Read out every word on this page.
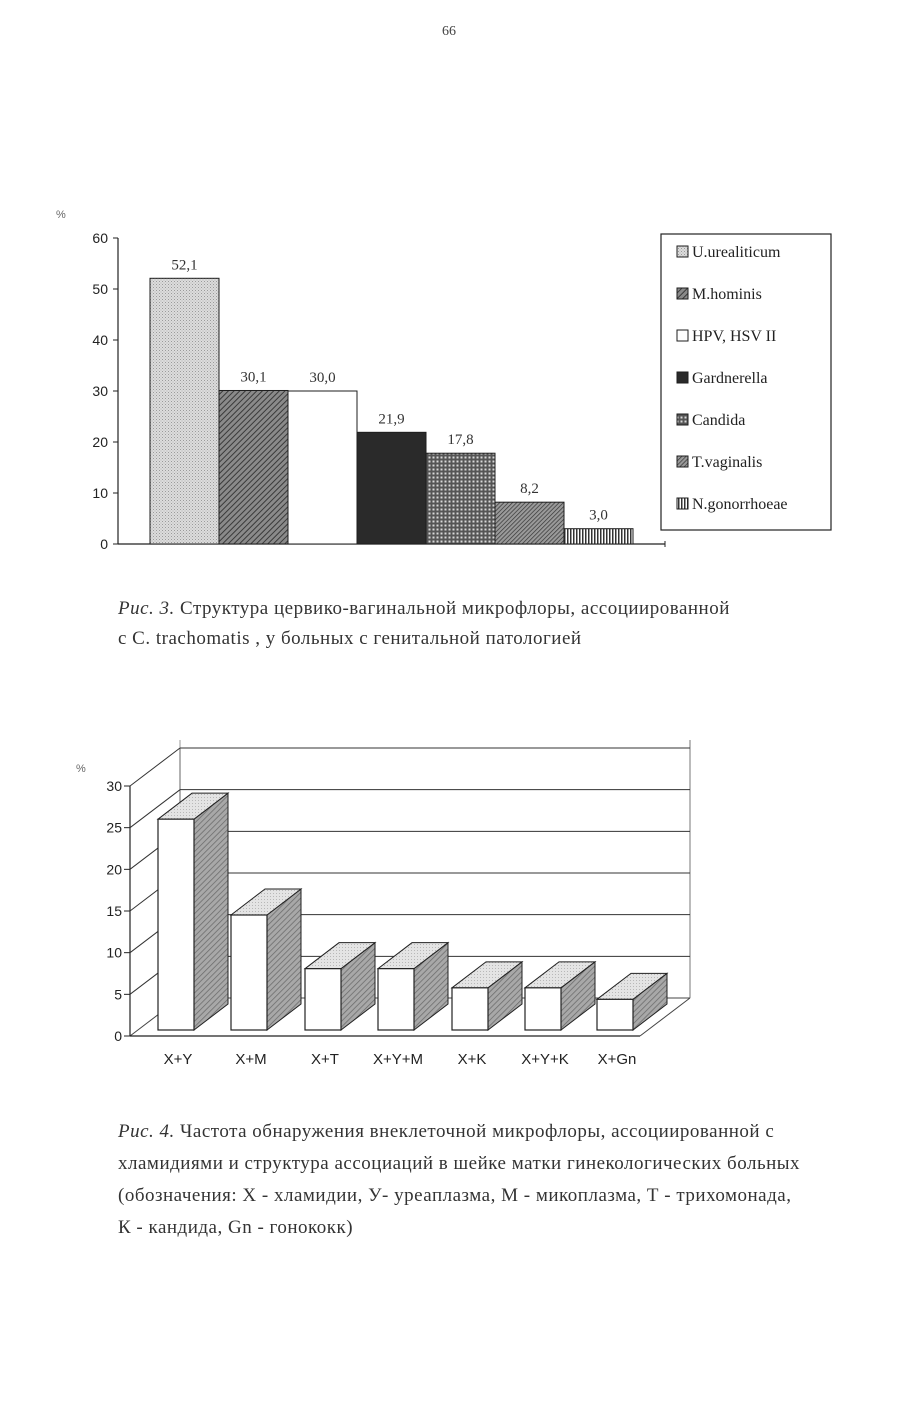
66
%
0
10
20
30
40
50
60
52,1
30,1	30,0
21,9
17,8
8,2
3,0
U.urealiticum
M.hominis
HPV, HSV II
Gardnerella
Candida
T.vaginalis
N.gonorrhoeae
Рис. 3. Структура цервико-вагинальной микрофлоры, ассоциированной
с С. trachomatis , у больных с генитальной патологией
%
0
5
10
15
20
25
30
X+Y	X+M	X+T X+Y+M X+K X+Y+K X+Gn
Рис. 4. Частота обнаружения внеклеточной микрофлоры, ассоциированной с
хламидиями и структура ассоциаций в шейке матки гинекологических больных
(обозначения: Х - хламидии, У- уреаплазма, М - микоплазма, Т - трихомонада,
К - кандида, Gn - гонококк)
